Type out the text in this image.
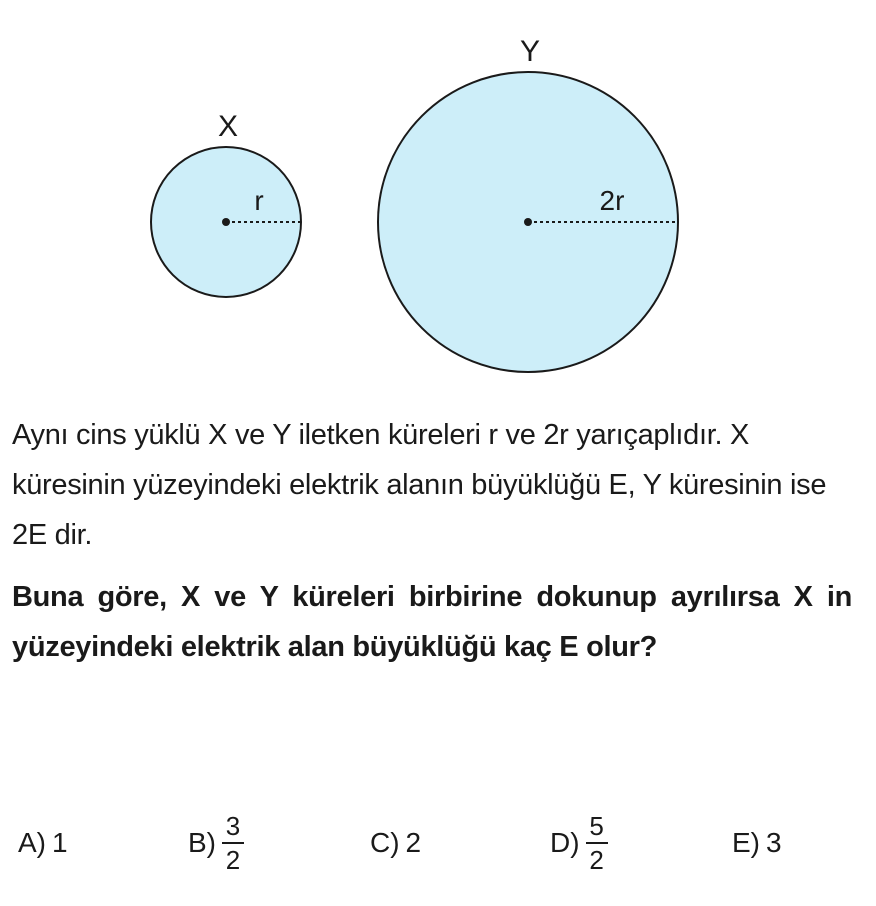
X
r
Y
2r

Aynı cins yüklü X ve Y iletken küreleri r ve 2r yarıçaplıdır. X küresinin yüzeyindeki elektrik alanın büyüklüğü E, Y küresinin ise 2E dir.

Buna göre, X ve Y küreleri birbirine dokunup ayrılırsa X in yüzeyindeki elektrik alan büyüklüğü kaç E olur?

A) 1	$B) \frac{3}{2}$	C) 2	$D) \frac{5}{2}$	E) 3
